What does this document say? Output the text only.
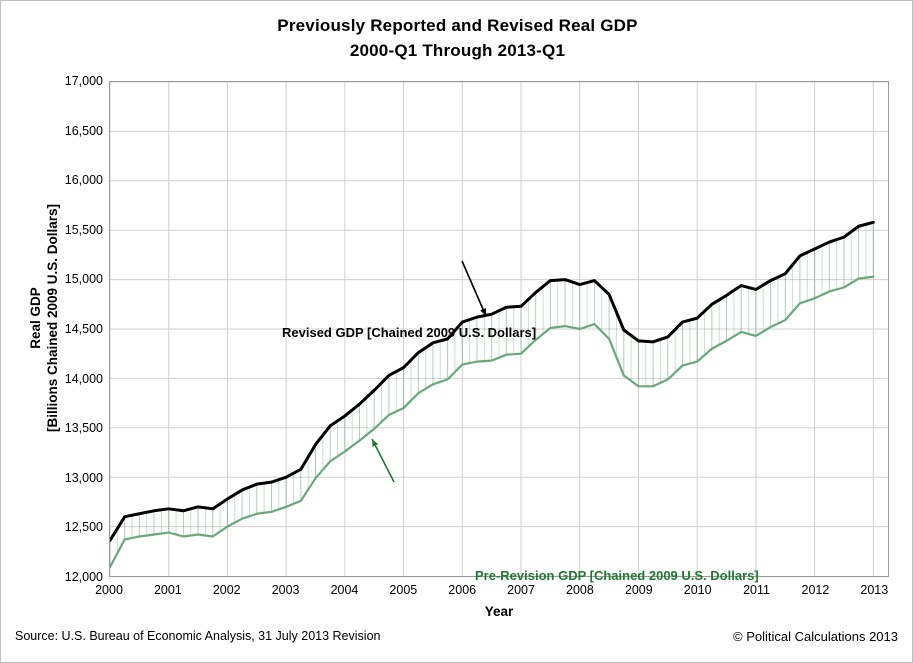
Previously Reported and Revised Real GDP
2000-Q1 Through 2013-Q1
17,000
16,500
16,000
15,500
15,000
14,500
14,000
13,500
13,000
12,500
12,000
Revised GDP [Chained 2009 U.S. Dollars]
Pre-Revision GDP [Chained 2009 U.S. Dollars]
2000	2001	2002	2003	2004	2005	2006	2007	2008	2009	2010	2011	2012	2013
Year
Real GDP [Billions Chained 2009 U.S. Dollars]
Source: U.S. Bureau of Economic Analysis, 31 July 2013 Revision	© Political Calculations 2013
